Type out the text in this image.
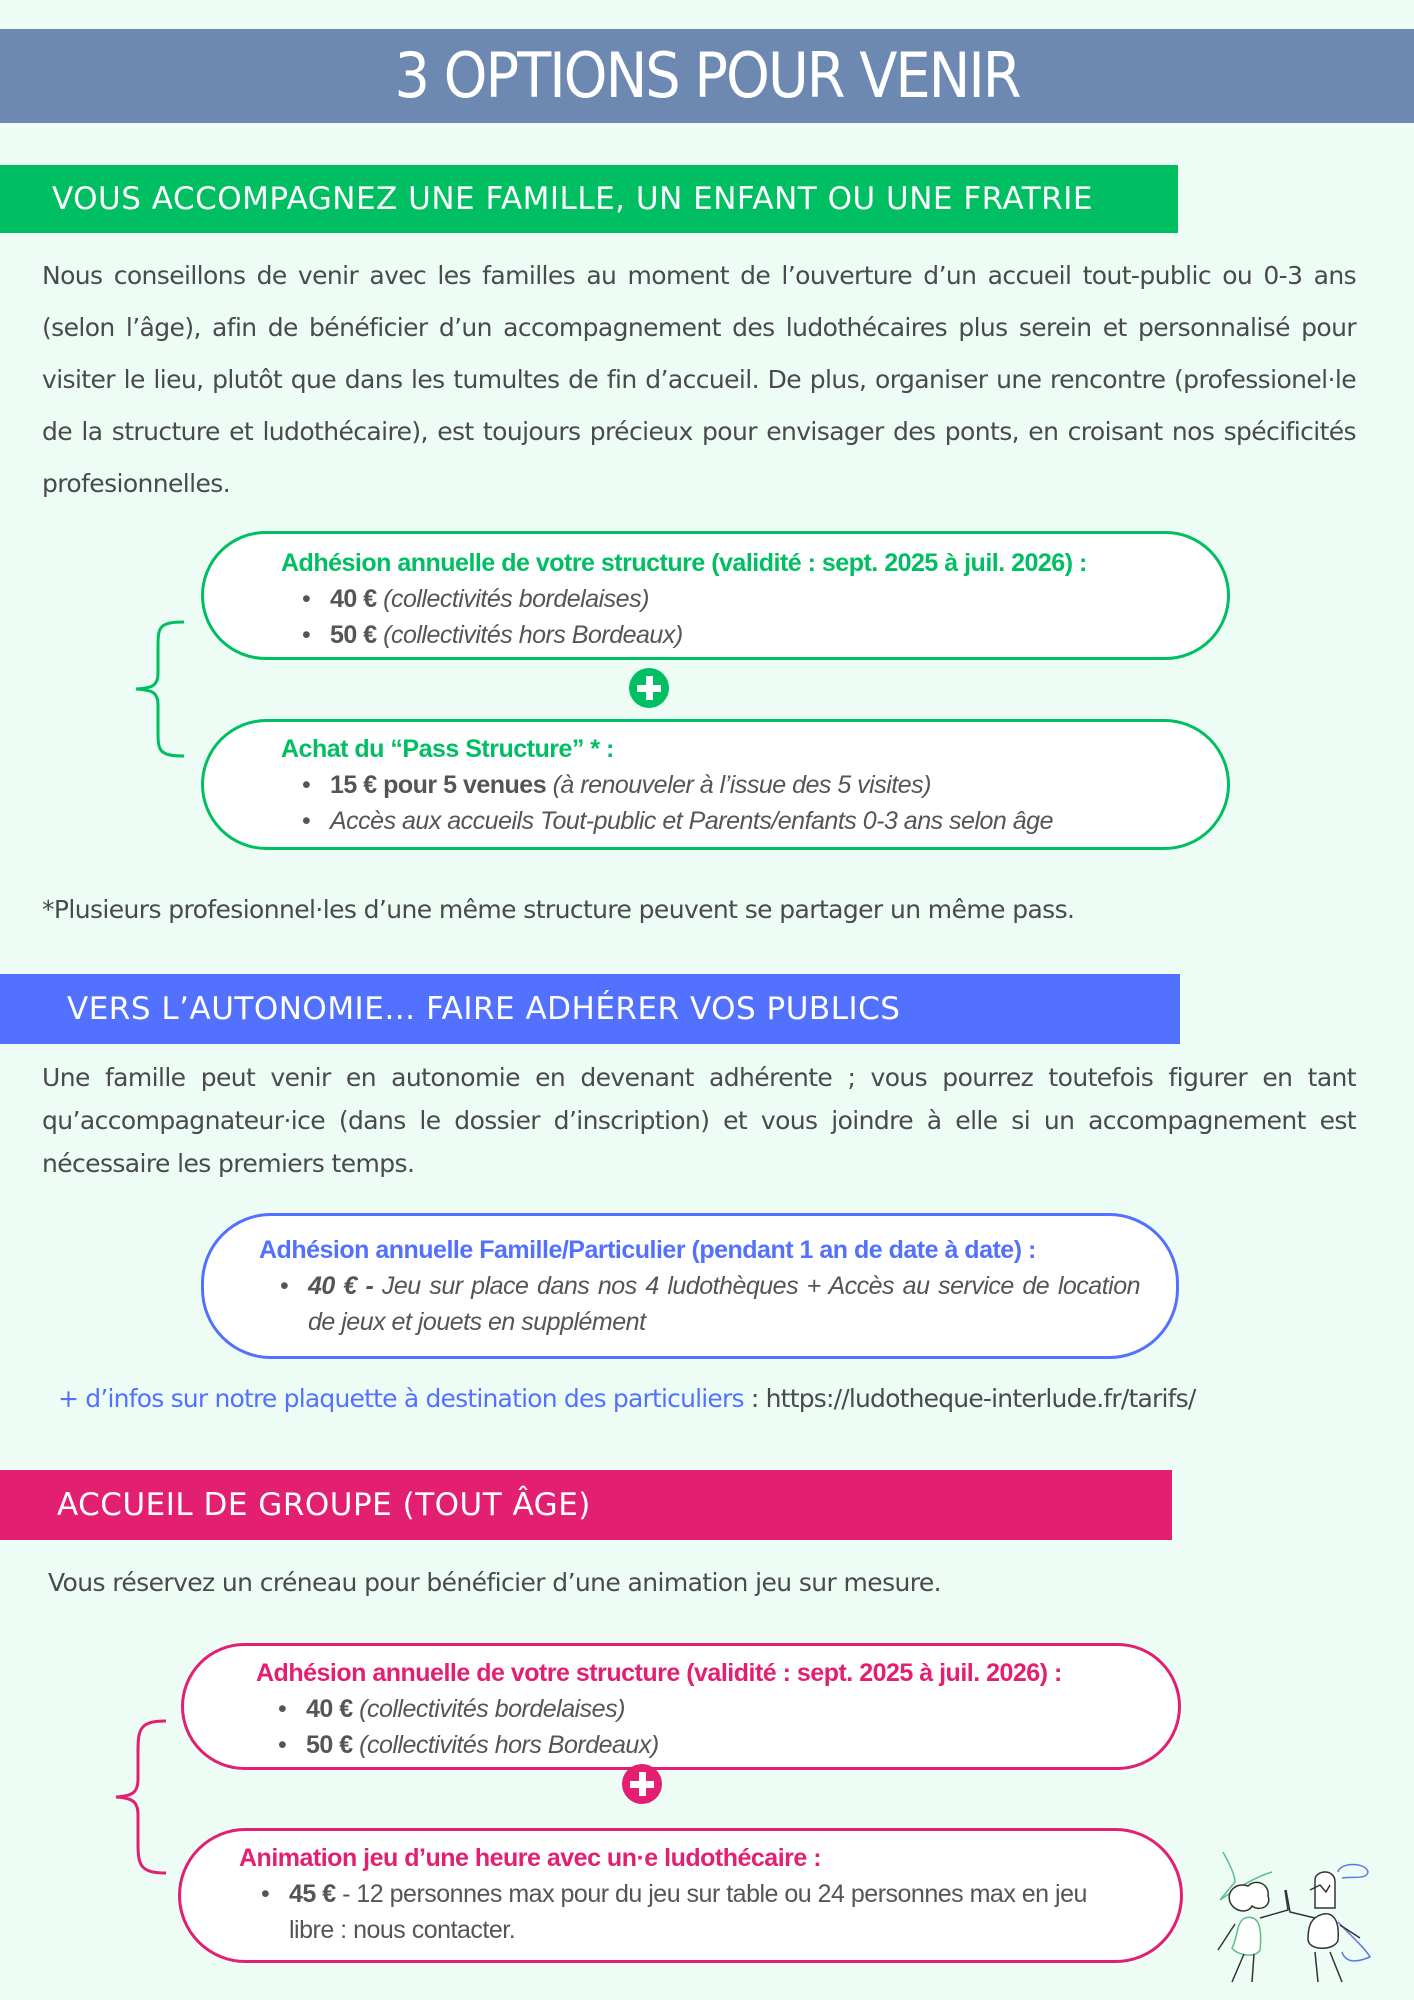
3 OPTIONS POUR VENIR
VOUS ACCOMPAGNEZ UNE FAMILLE, UN ENFANT OU UNE FRATRIE
Nous conseillons de venir avec les familles au moment de l’ouverture d’un accueil tout-public ou 0-3 ans (selon l’âge), afin de bénéficier d’un accompagnement des ludothécaires plus serein et personnalisé pour visiter le lieu, plutôt que dans les tumultes de fin d’accueil. De plus, organiser une rencontre (professionel·le de la structure et ludothécaire), est toujours précieux pour envisager des ponts, en croisant nos spécificités profesionnelles.
Adhésion annuelle de votre structure (validité : sept. 2025 à juil. 2026) :
• 40 € (collectivités bordelaises)
• 50 € (collectivités hors Bordeaux)
Achat du “Pass Structure” * :
• 15 € pour 5 venues (à renouveler à l’issue des 5 visites)
• Accès aux accueils Tout-public et Parents/enfants 0-3 ans selon âge
*Plusieurs profesionnel·les d’une même structure peuvent se partager un même pass.
VERS L’AUTONOMIE… FAIRE ADHÉRER VOS PUBLICS
Une famille peut venir en autonomie en devenant adhérente ; vous pourrez toutefois figurer en tant qu’accompagnateur·ice (dans le dossier d’inscription) et vous joindre à elle si un accompagnement est nécessaire les premiers temps.
Adhésion annuelle Famille/Particulier (pendant 1 an de date à date) :
• 40 € - Jeu sur place dans nos 4 ludothèques + Accès au service de location de jeux et jouets en supplément
+ d’infos sur notre plaquette à destination des particuliers : https://ludotheque-interlude.fr/tarifs/
ACCUEIL DE GROUPE (TOUT ÂGE)
Vous réservez un créneau pour bénéficier d’une animation jeu sur mesure.
Adhésion annuelle de votre structure (validité : sept. 2025 à juil. 2026) :
• 40 € (collectivités bordelaises)
• 50 € (collectivités hors Bordeaux)
Animation jeu d’une heure avec un·e ludothécaire :
• 45 € - 12 personnes max pour du jeu sur table ou 24 personnes max en jeu libre : nous contacter.
